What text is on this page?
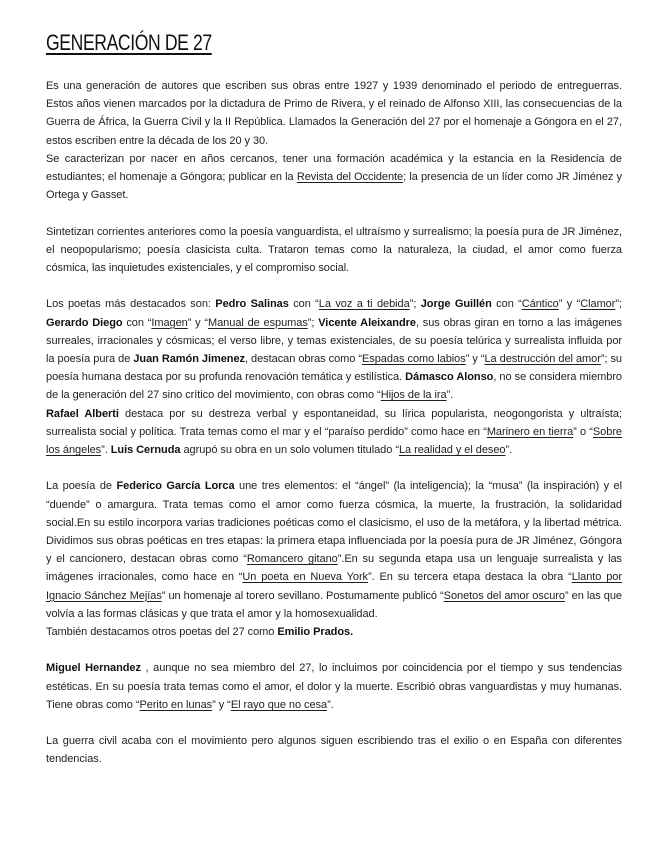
GENERACIÓN DE 27

Es una generación de autores que escriben sus obras entre 1927 y 1939 denominado el periodo de entreguerras. Estos años vienen marcados por la dictadura de Primo de Rivera, y el reinado de Alfonso XIII, las consecuencias de la Guerra de África, la Guerra Civil y la II República. Llamados la Generación del 27 por el homenaje a Góngora en el 27, estos escriben entre la década de los 20 y 30.

Se caracterizan por nacer en años cercanos, tener una formación académica y la estancia en la Residencia de estudiantes; el homenaje a Góngora; publicar en la Revista del Occidente; la presencia de un líder como JR Jiménez y Ortega y Gasset.

Sintetizan corrientes anteriores como la poesía vanguardista, el ultraísmo y surrealismo; la poesía pura de JR Jiménez, el neopopularismo; poesía clasicista culta. Trataron temas como la naturaleza, la ciudad, el amor como fuerza cósmica, las inquietudes existenciales, y el compromiso social.

Los poetas más destacados son: Pedro Salinas con “La voz a ti debida”; Jorge Guillén con “Cántico” y “Clamor”; Gerardo Diego con “Imagen” y “Manual de espumas”; Vicente Aleixandre, sus obras giran en torno a las imágenes surreales, irracionales y cósmicas; el verso libre, y temas existenciales, de su poesía telúrica y surrealista influida por la poesía pura de Juan Ramón Jimenez, destacan obras como “Espadas como labios” y “La destrucción del amor”; su poesía humana destaca por su profunda renovación temática y estilística. Dámasco Alonso, no se considera miembro de la generación del 27 sino crítico del movimiento, con obras como “Hijos de la ira”.

Rafael Alberti destaca por su destreza verbal y espontaneidad, su lírica popularista, neogongorista y ultraísta; surrealista social y política. Trata temas como el mar y el “paraíso perdido” como hace en “Marinero en tierra” o “Sobre los ángeles”. Luis Cernuda agrupó su obra en un solo volumen titulado “La realidad y el deseo”.

La poesía de Federico García Lorca une tres elementos: el “ángel” (la inteligencia); la “musa” (la inspiración) y el “duende” o amargura. Trata temas como el amor como fuerza cósmica, la muerte, la frustración, la solidaridad social.En su estilo incorpora varias tradiciones poéticas como el clasicismo, el uso de la metáfora, y la libertad métrica. Dividimos sus obras poéticas en tres etapas: la primera etapa influenciada por la poesía pura de JR Jiménez, Góngora y el cancionero, destacan obras como “Romancero gitano”.En su segunda etapa usa un lenguaje surrealista y las imágenes irracionales, como hace en “Un poeta en Nueva York”. En su tercera etapa destaca la obra “Llanto por Ignacio Sánchez Mejías” un homenaje al torero sevillano. Postumamente publicó “Sonetos del amor oscuro” en las que volvía a las formas clásicas y que trata el amor y la homosexualidad.

También destacamos otros poetas del 27 como Emilio Prados.

Miguel Hernandez , aunque no sea miembro del 27, lo incluimos por coincidencia por el tiempo y sus tendencias estéticas. En su poesía trata temas como el amor, el dolor y la muerte. Escribió obras vanguardistas y muy humanas. Tiene obras como “Perito en lunas” y “El rayo que no cesa”.

La guerra civil acaba con el movimiento pero algunos siguen escribiendo tras el exilio o en España con diferentes tendencias.
